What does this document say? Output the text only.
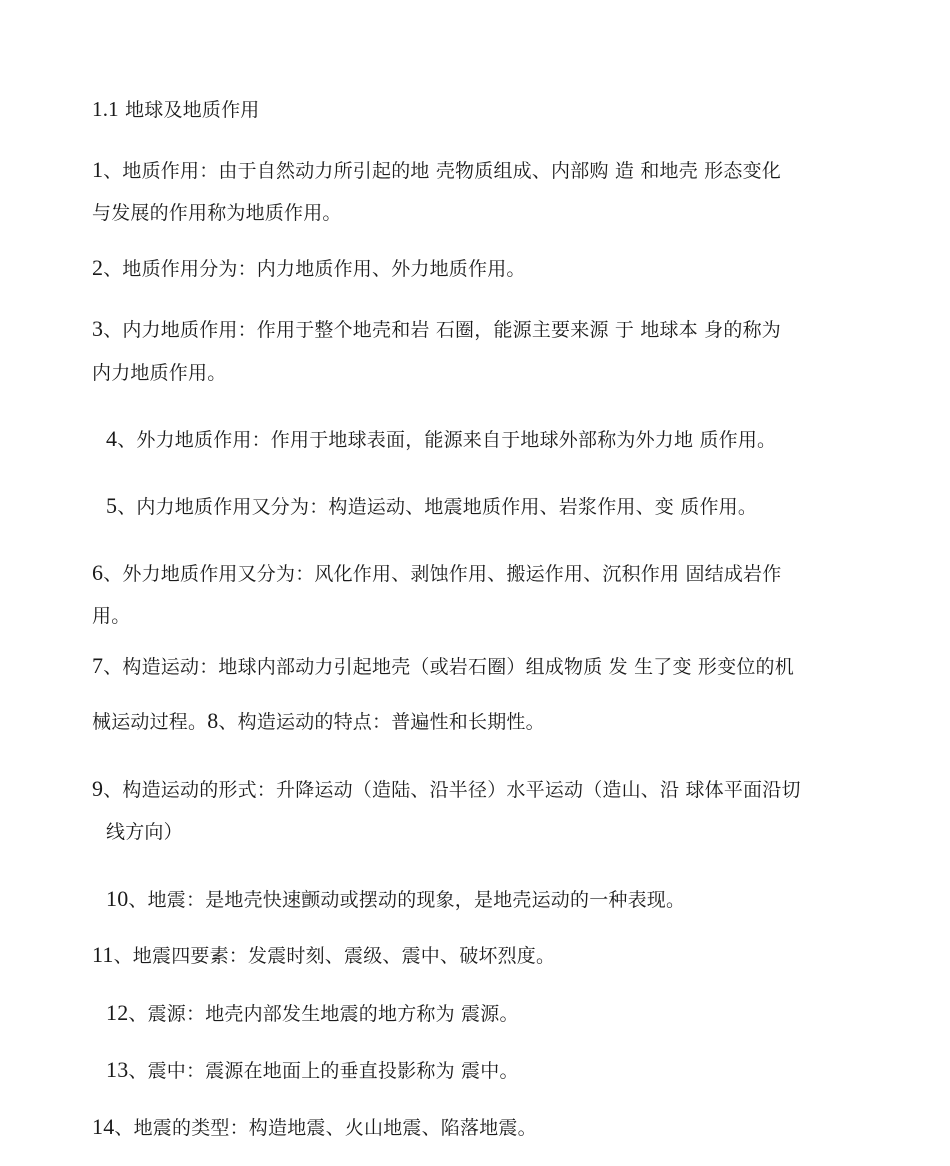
1.1 地球及地质作用
1、地质作用：由于自然动力所引起的地 壳物质组成、内部购 造 和地壳 形态变化
与发展的作用称为地质作用。
2、地质作用分为：内力地质作用、外力地质作用。
3、内力地质作用：作用于整个地壳和岩 石圈，能源主要来源 于 地球本 身的称为
内力地质作用。
4、外力地质作用：作用于地球表面，能源来自于地球外部称为外力地 质作用。
5、内力地质作用又分为：构造运动、地震地质作用、岩浆作用、变 质作用。
6、外力地质作用又分为：风化作用、剥蚀作用、搬运作用、沉积作用 固结成岩作
用。
7、构造运动：地球内部动力引起地壳（或岩石圈）组成物质 发 生了变 形变位的机
械运动过程。8、构造运动的特点：普遍性和长期性。
9、构造运动的形式：升降运动（造陆、沿半径）水平运动（造山、沿 球体平面沿切
线方向）
10、地震：是地壳快速颤动或摆动的现象，是地壳运动的一种表现。
11、地震四要素：发震时刻、震级、震中、破坏烈度。
12、震源：地壳内部发生地震的地方称为 震源。
13、震中：震源在地面上的垂直投影称为 震中。
14、地震的类型：构造地震、火山地震、陷落地震。
